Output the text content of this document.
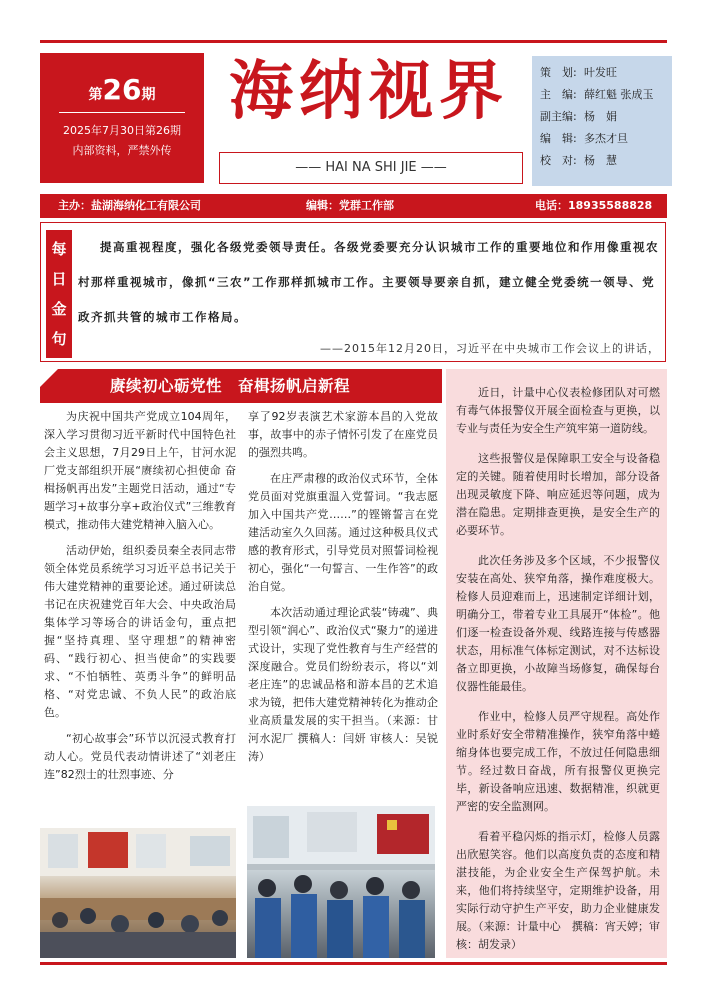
第26期
2025年7月30日第26期
内部资料，严禁外传
海纳视界
—— HAI NA SHI JIE ——
策　划: 叶发旺
主　编: 薛红魁 张成玉
副主编: 杨　娟
编　辑: 多杰才旦
校　对: 杨　慧
主办：盐湖海纳化工有限公司	编辑：党群工作部	电话：18935588828
每
日
金
句
提高重视程度，强化各级党委领导责任。各级党委要充分认识城市工作的重要地位和作用像重视农村那样重视城市，像抓“三农”工作那样抓城市工作。主要领导要亲自抓，建立健全党委统一领导、党政齐抓共管的城市工作格局。
——2015年12月20日，习近平在中央城市工作会议上的讲话，
赓续初心砺党性　奋楫扬帆启新程

为庆祝中国共产党成立104周年，深入学习贯彻习近平新时代中国特色社会主义思想，7月29日上午，甘河水泥厂党支部组织开展“赓续初心担使命 奋楫扬帆再出发”主题党日活动，通过“专题学习+故事分享+政治仪式”三维教育模式，推动伟大建党精神入脑入心。

活动伊始，组织委员秦全表同志带领全体党员系统学习习近平总书记关于伟大建党精神的重要论述。通过研读总书记在庆祝建党百年大会、中央政治局集体学习等场合的讲话金句，重点把握“坚持真理、坚守理想”的精神密码、“践行初心、担当使命”的实践要求、“不怕牺牲、英勇斗争”的鲜明品格、“对党忠诚、不负人民”的政治底色。

“初心故事会”环节以沉浸式教育打动人心。党员代表动情讲述了“刘老庄连”82烈士的壮烈事迹、分

享了92岁表演艺术家游本昌的入党故事，故事中的赤子情怀引发了在座党员的强烈共鸣。

在庄严肃穆的政治仪式环节，全体党员面对党旗重温入党誓词。“我志愿加入中国共产党……”的铿锵誓言在党建活动室久久回荡。通过这种极具仪式感的教育形式，引导党员对照誓词检视初心，强化“一句誓言、一生作答”的政治自觉。

本次活动通过理论武装“铸魂”、典型引领“润心”、政治仪式“聚力”的递进式设计，实现了党性教育与生产经营的深度融合。党员们纷纷表示，将以“刘老庄连”的忠诚品格和游本昌的艺术追求为镜，把伟大建党精神转化为推动企业高质量发展的实干担当。（来源：甘河水泥厂 撰稿人：闫妍 审核人：吴锐涛）

近日，计量中心仪表检修团队对可燃有毒气体报警仪开展全面检查与更换，以专业与责任为安全生产筑牢第一道防线。

这些报警仪是保障职工安全与设备稳定的关键。随着使用时长增加，部分设备出现灵敏度下降、响应延迟等问题，成为潜在隐患。定期排查更换，是安全生产的必要环节。

此次任务涉及多个区域，不少报警仪安装在高处、狭窄角落，操作难度极大。检修人员迎难而上，迅速制定详细计划，明确分工，带着专业工具展开“体检”。他们逐一检查设备外观、线路连接与传感器状态，用标准气体标定测试，对不达标设备立即更换，小故障当场修复，确保每台仪器性能最佳。

作业中，检修人员严守规程。高处作业时系好安全带精准操作，狭窄角落中蜷缩身体也要完成工作，不放过任何隐患细节。经过数日奋战，所有报警仪更换完毕，新设备响应迅速、数据精准，织就更严密的安全监测网。

看着平稳闪烁的指示灯，检修人员露出欣慰笑容。他们以高度负责的态度和精湛技能，为企业安全生产保驾护航。未来，他们将持续坚守，定期维护设备，用实际行动守护生产平安，助力企业健康发展。（来源：计量中心　撰稿：宵天婷；审核：胡发录）
